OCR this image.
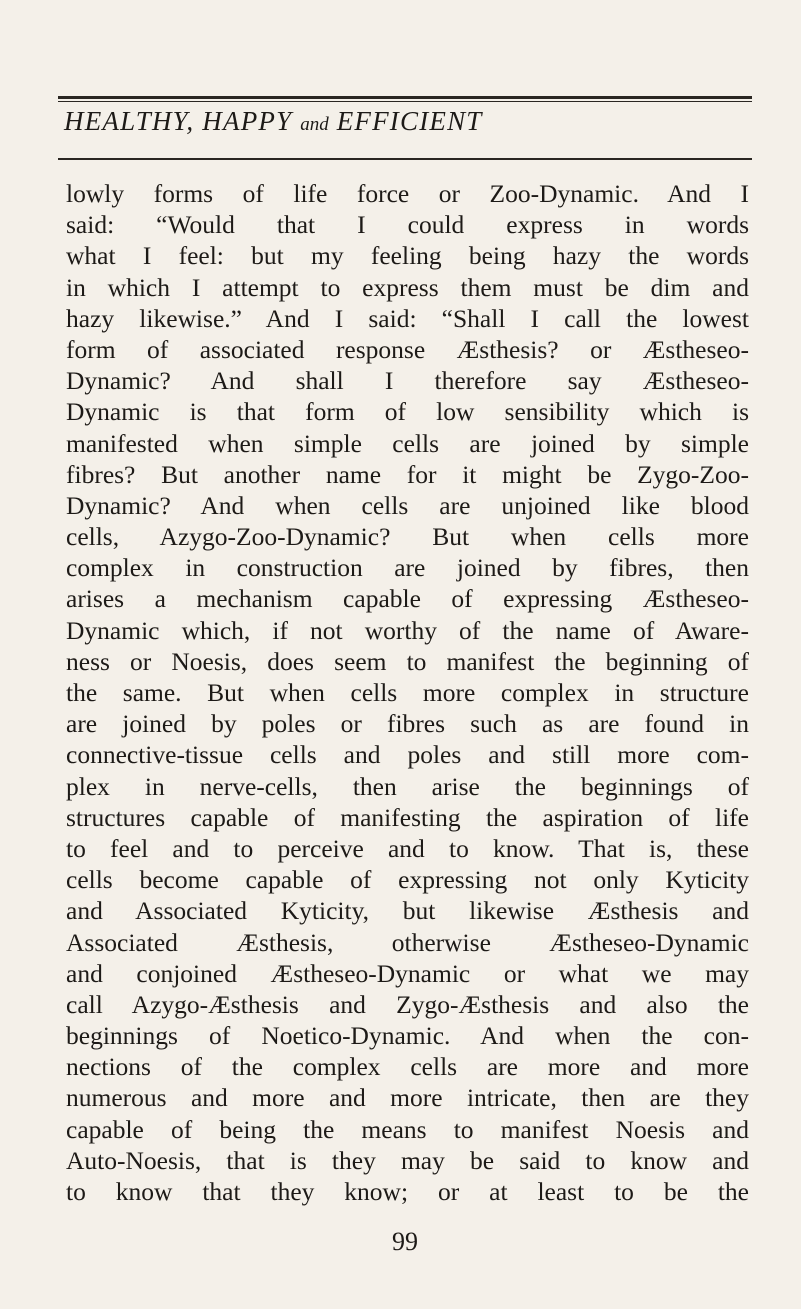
HEALTHY, HAPPY and EFFICIENT
lowly forms of life force or Zoo-Dynamic. And I
said: “Would that I could express in words
what I feel: but my feeling being hazy the words
in which I attempt to express them must be dim and
hazy likewise.” And I said: “Shall I call the lowest
form of associated response Æsthesis? or Æstheseo-
Dynamic? And shall I therefore say Æstheseo-
Dynamic is that form of low sensibility which is
manifested when simple cells are joined by simple
fibres? But another name for it might be Zygo-Zoo-
Dynamic? And when cells are unjoined like blood
cells, Azygo-Zoo-Dynamic? But when cells more
complex in construction are joined by fibres, then
arises a mechanism capable of expressing Æstheseo-
Dynamic which, if not worthy of the name of Aware-
ness or Noesis, does seem to manifest the beginning of
the same. But when cells more complex in structure
are joined by poles or fibres such as are found in
connective-tissue cells and poles and still more com-
plex in nerve-cells, then arise the beginnings of
structures capable of manifesting the aspiration of life
to feel and to perceive and to know. That is, these
cells become capable of expressing not only Kyticity
and Associated Kyticity, but likewise Æsthesis and
Associated Æsthesis, otherwise Æstheseo-Dynamic
and conjoined Æstheseo-Dynamic or what we may
call Azygo-Æsthesis and Zygo-Æsthesis and also the
beginnings of Noetico-Dynamic. And when the con-
nections of the complex cells are more and more
numerous and more and more intricate, then are they
capable of being the means to manifest Noesis and
Auto-Noesis, that is they may be said to know and
to know that they know; or at least to be the
99
